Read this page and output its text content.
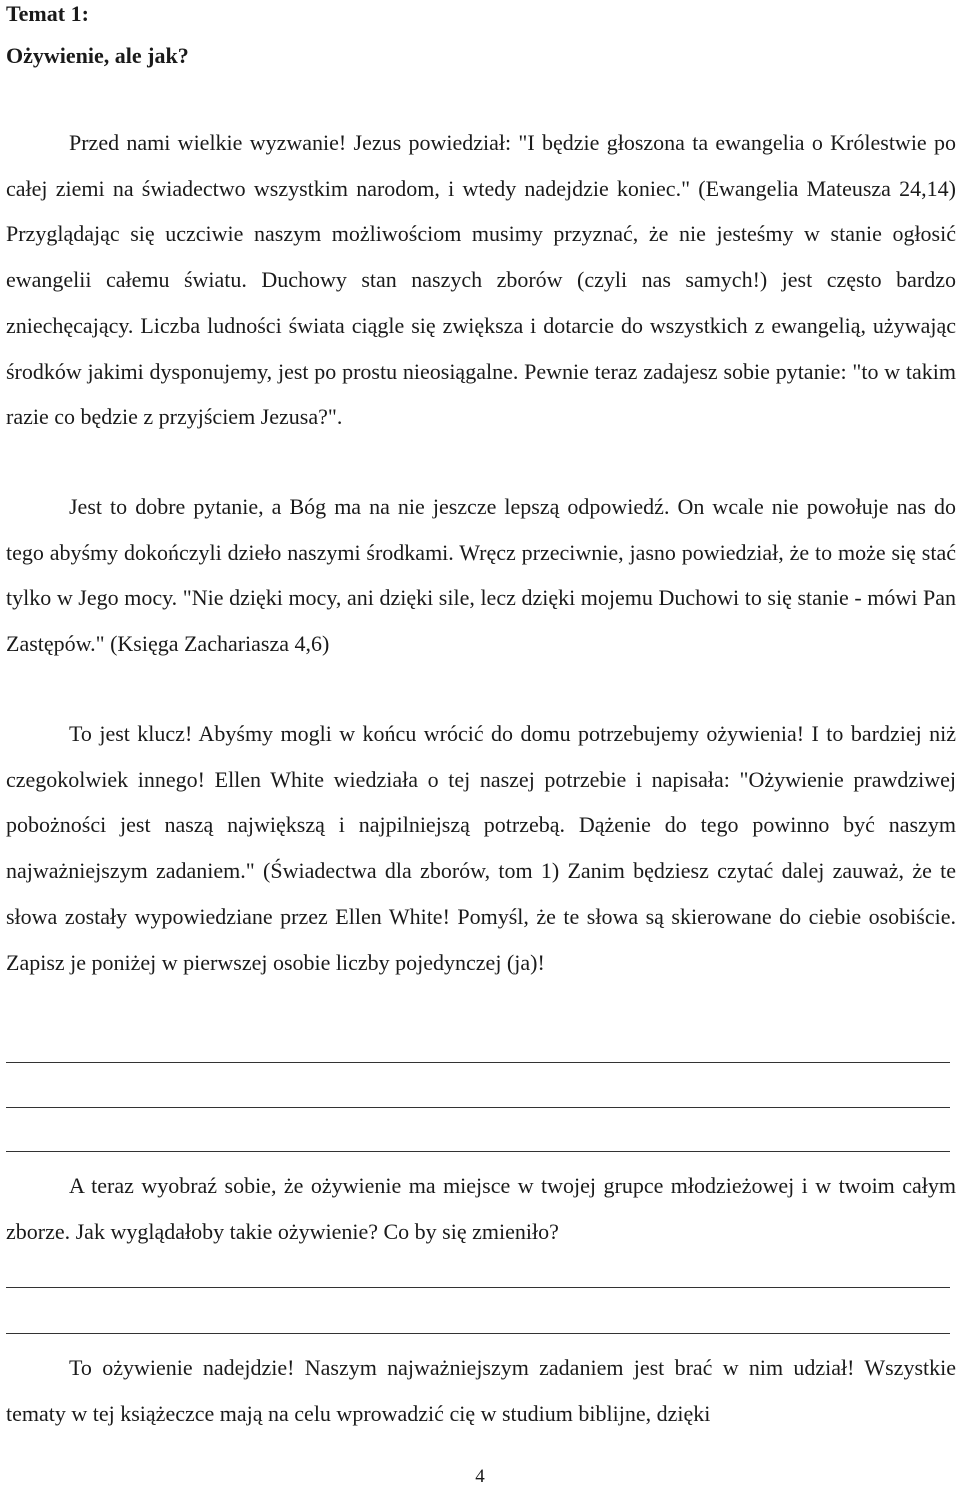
Temat 1:
Ożywienie, ale jak?

Przed nami wielkie wyzwanie! Jezus powiedział: "I będzie głoszona ta ewangelia o Królestwie po całej ziemi na świadectwo wszystkim narodom, i wtedy nadejdzie koniec." (Ewangelia Mateusza 24,14) Przyglądając się uczciwie naszym możliwościom musimy przyznać, że nie jesteśmy w stanie ogłosić ewangelii całemu światu. Duchowy stan naszych zborów (czyli nas samych!) jest często bardzo zniechęcający. Liczba ludności świata ciągle się zwiększa i dotarcie do wszystkich z ewangelią, używając środków jakimi dysponujemy, jest po prostu nieosiągalne. Pewnie teraz zadajesz sobie pytanie: "to w takim razie co będzie z przyjściem Jezusa?".

Jest to dobre pytanie, a Bóg ma na nie jeszcze lepszą odpowiedź. On wcale nie powołuje nas do tego abyśmy dokończyli dzieło naszymi środkami. Wręcz przeciwnie, jasno powiedział, że to może się stać tylko w Jego mocy. "Nie dzięki mocy, ani dzięki sile, lecz dzięki mojemu Duchowi to się stanie - mówi Pan Zastępów." (Księga Zachariasza 4,6)

To jest klucz! Abyśmy mogli w końcu wrócić do domu potrzebujemy ożywienia! I to bardziej niż czegokolwiek innego! Ellen White wiedziała o tej naszej potrzebie i napisała: "Ożywienie prawdziwej pobożności jest naszą największą i najpilniejszą potrzebą. Dążenie do tego powinno być naszym najważniejszym zadaniem." (Świadectwa dla zborów, tom 1) Zanim będziesz czytać dalej zauważ, że te słowa zostały wypowiedziane przez Ellen White! Pomyśl, że te słowa są skierowane do ciebie osobiście. Zapisz je poniżej w pierwszej osobie liczby pojedynczej (ja)!

A teraz wyobraź sobie, że ożywienie ma miejsce w twojej grupce młodzieżowej i w twoim całym zborze. Jak wyglądałoby takie ożywienie? Co by się zmieniło?

To ożywienie nadejdzie! Naszym najważniejszym zadaniem jest brać w nim udział! Wszystkie tematy w tej książeczce mają na celu wprowadzić cię w studium biblijne, dzięki

4
